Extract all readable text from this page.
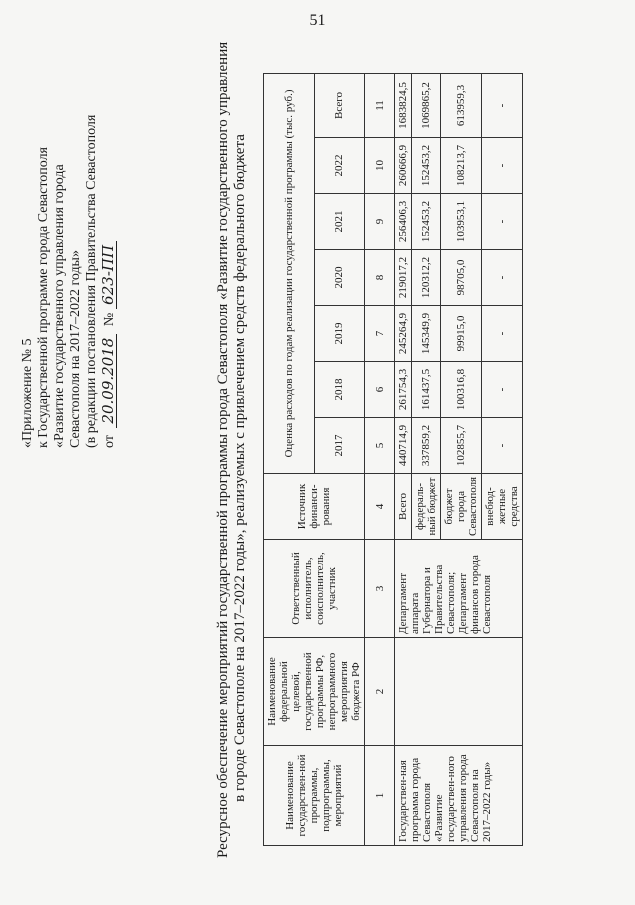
51
«Приложение № 5 к Государственной программе города Севастополя «Развитие государственного управления города Севастополя на 2017–2022 годы» (в редакции постановления Правительства Севастополя от 20.09.2018 №623-ПП	Ресурсное обеспечение мероприятий государственной программы города Севастополя «Развитие государственного управления в городе Севастополе на 2017–2022 годы», реализуемых с привлечением средств федерального бюджета	Наименование государствен-ной программы, подпрограммы, мероприятий	Наименование федеральной целевой, государственной программы РФ, непрограммного мероприятия бюджета РФ	Ответственный исполнитель, соисполнитель, участник	Источник финанси-рования	Оценка расходов по годам реализации государственной программы (тыс. руб.)						
				2017	2018	2019	2020	2021	2022	Всего
1	2	3	4	5	6	7	8	9	10	11
Государствен-ная программа города Севастополя «Развитие государствен-ного управления города Севастополя на 2017–2022 годы»		Департамент аппарата Губернатора и Правительства Севастополя; Департамент финансов города Севастополя	Всего	440714,9	261754,3	245264,9	219017,2	256406,3	260666,9	1683824,5
			федераль-ный бюджет	337859,2	161437,5	145349,9	120312,2	152453,2	152453,2	1069865,2
			бюджет города Севастополя	102855,7	100316,8	99915,0	98705,0	103953,1	108213,7	613959,3
			внебюд-жетные средства	-	-	-	-	-	-	-
